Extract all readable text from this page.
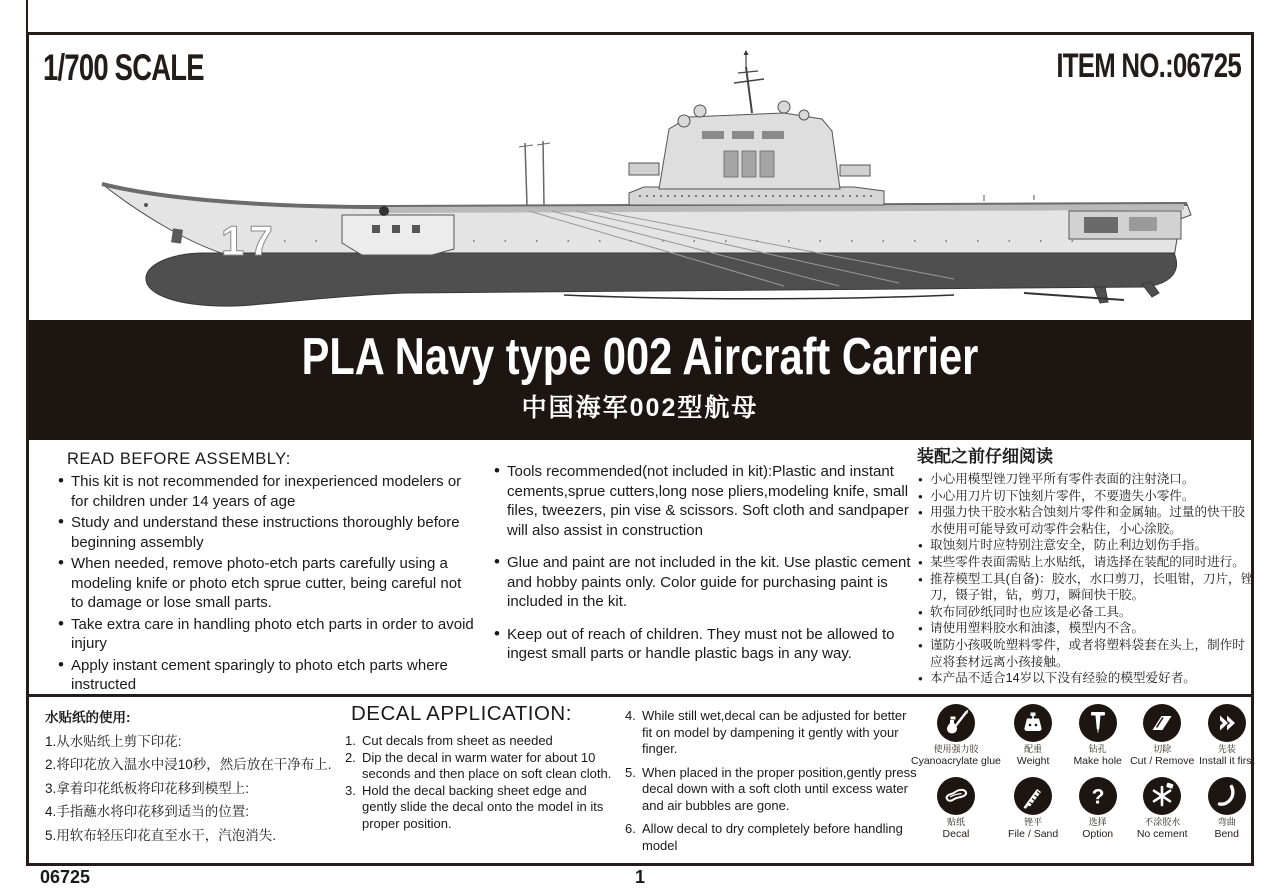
1/700 SCALE	ITEM NO.:06725
17
PLA Navy type 002 Aircraft Carrier
中国海军002型航母
READ BEFORE ASSEMBLY:
• This kit is not recommended for inexperienced modelers or for children under 14 years of age
• Study and understand these instructions thoroughly before beginning assembly
• When needed, remove photo-etch parts carefully using a modeling knife or photo etch sprue cutter, being careful not to damage or lose small parts.
• Take extra care in handling photo etch parts in order to avoid injury
• Apply instant cement sparingly to photo etch parts where instructed
• Tools recommended(not included in kit):Plastic and instant cements,sprue cutters,long nose pliers,modeling knife, small files, tweezers, pin vise & scissors. Soft cloth and sandpaper will also assist in construction
• Glue and paint are not included in the kit. Use plastic cement and hobby paints only. Color guide for purchasing paint is included in the kit.
• Keep out of reach of children. They must not be allowed to ingest small parts or handle plastic bags in any way.
装配之前仔细阅读
● 小心用模型锉刀锉平所有零件表面的注射浇口。
● 小心用刀片切下蚀刻片零件，不要遗失小零件。
● 用强力快干胶水粘合蚀刻片零件和金属轴。过量的快干胶水使用可能导致可动零件会粘住，小心涂胶。
● 取蚀刻片时应特别注意安全，防止利边划伤手指。
● 某些零件表面需贴上水贴纸，请选择在装配的同时进行。
● 推荐模型工具(自备)：胶水，水口剪刀，长咀钳，刀片，锉刀，镊子钳，钻，剪刀，瞬间快干胶。
● 软布同砂纸同时也应该是必备工具。
● 请使用塑料胶水和油漆，模型内不含。
● 谨防小孩吸吮塑料零件，或者将塑料袋套在头上，制作时应将套材远离小孩接触。
● 本产品不适合14岁以下没有经验的模型爱好者。
水贴纸的使用:
1.从水贴纸上剪下印花:
2.将印花放入温水中浸10秒，然后放在干净布上.
3.拿着印花纸板将印花移到模型上:
4.手指蘸水将印花移到适当的位置:
5.用软布轻压印花直至水干，汽泡消失.
DECAL APPLICATION:
1. Cut decals from sheet as needed
2. Dip the decal in warm water for about 10 seconds and then place on soft clean cloth.
3. Hold the decal backing sheet edge and gently slide the decal onto the model in its proper position.
4. While still wet,decal can be adjusted for better fit on model by dampening it gently with your finger.
5. When placed in the proper position,gently press decal down with a soft cloth until excess water and air bubbles are gone.
6. Allow decal to dry completely before handling model
使用强力胶
Cyanoacrylate glue
配重
Weight
钻孔
Make hole
切除
Cut / Remove
先装
Install it first
贴纸
Decal
锉平
File / Sand
?
选择
Option
不涂胶水
No cement
弯曲
Bend
06725	1
